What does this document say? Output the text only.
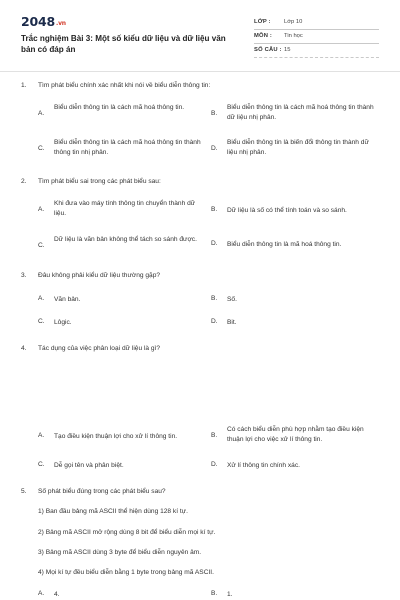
2048.vn
Trắc nghiệm Bài 3: Một số kiểu dữ liệu và dữ liệu văn bản có đáp án
LỚP : Lớp 10
MÔN : Tin học
SỐ CÂU : 15
1. Tìm phát biểu chính xác nhất khi nói về biểu diễn thông tin:
A.
Biểu diễn thông tin là cách mã hoá thông tin.
B.
Biểu diễn thông tin là cách mã hoá thông tin thành dữ liệu nhị phân.
C.
Biểu diễn thông tin là cách mã hoá thông tin thành thông tin nhị phân.
D.
Biểu diễn thông tin là biến đổi thông tin thành dữ liệu nhị phân.
2. Tìm phát biểu sai trong các phát biểu sau:
A.
Khi đưa vào máy tính thông tin chuyển thành dữ liệu.
B. Dữ liệu là số có thể tính toán và so sánh.
C.
Dữ liệu là văn bản không thể tách so sánh được.
D. Biểu diễn thông tin là mã hoá thông tin.
3. Đâu không phải kiểu dữ liệu thường gặp?
A. Văn bản.	B. Số.
C. Lôgic.	D. Bit.
4. Tác dụng của việc phân loại dữ liệu là gì?
A. Tạo điều kiện thuận lợi cho xử lí thông tin.	B.
Có cách biểu diễn phù hợp nhằm tạo điều kiện thuận lợi cho việc xử lí thông tin.
C. Dễ gọi tên và phân biệt.	D. Xử lí thông tin chính xác.
5. Số phát biểu đúng trong các phát biểu sau?
1) Ban đầu bảng mã ASCII thể hiện dùng 128 kí tự.
2) Bảng mã ASCII mở rộng dùng 8 bit để biểu diễn mọi kí tự.
3) Bảng mã ASCII dùng 3 byte để biểu diễn nguyên âm.
4) Mọi kí tự đều biểu diễn bằng 1 byte trong bảng mã ASCII.
A. 4.	B. 1.
